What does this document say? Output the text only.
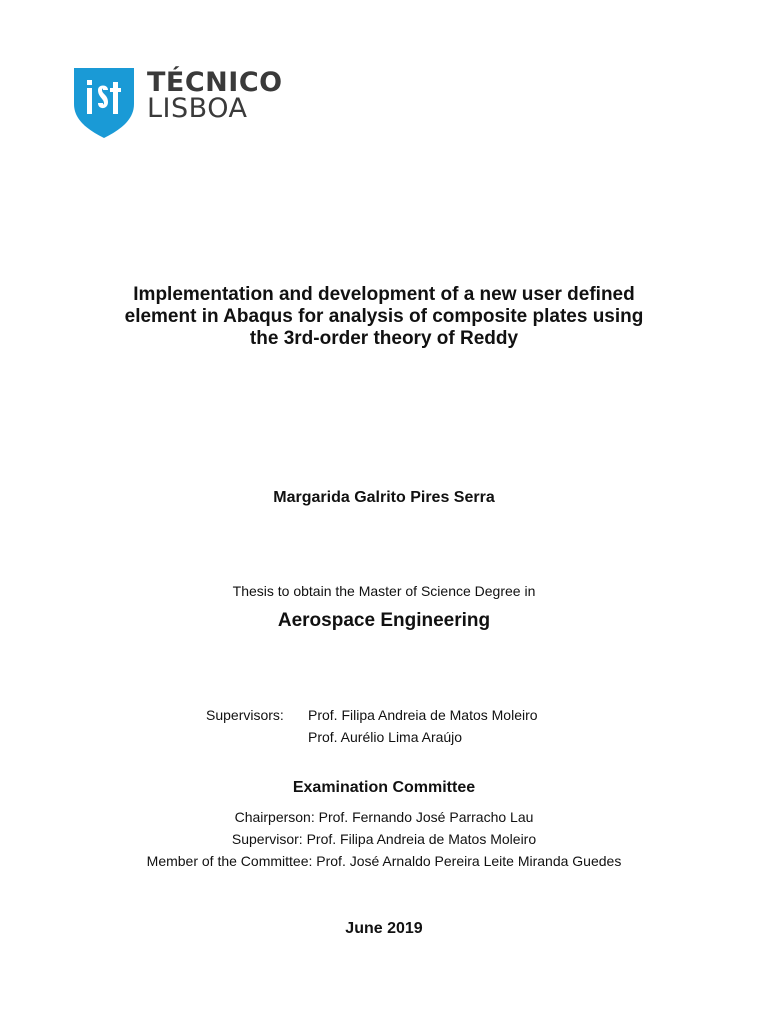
TÉCNICO
LISBOA
Implementation and development of a new user defined
element in Abaqus for analysis of composite plates using
the 3rd-order theory of Reddy
Margarida Galrito Pires Serra
Thesis to obtain the Master of Science Degree in
Aerospace Engineering
Supervisors: Prof. Filipa Andreia de Matos Moleiro
Prof. Aurélio Lima Araújo
Examination Committee
Chairperson: Prof. Fernando José Parracho Lau
Supervisor: Prof. Filipa Andreia de Matos Moleiro
Member of the Committee: Prof. José Arnaldo Pereira Leite Miranda Guedes
June 2019
